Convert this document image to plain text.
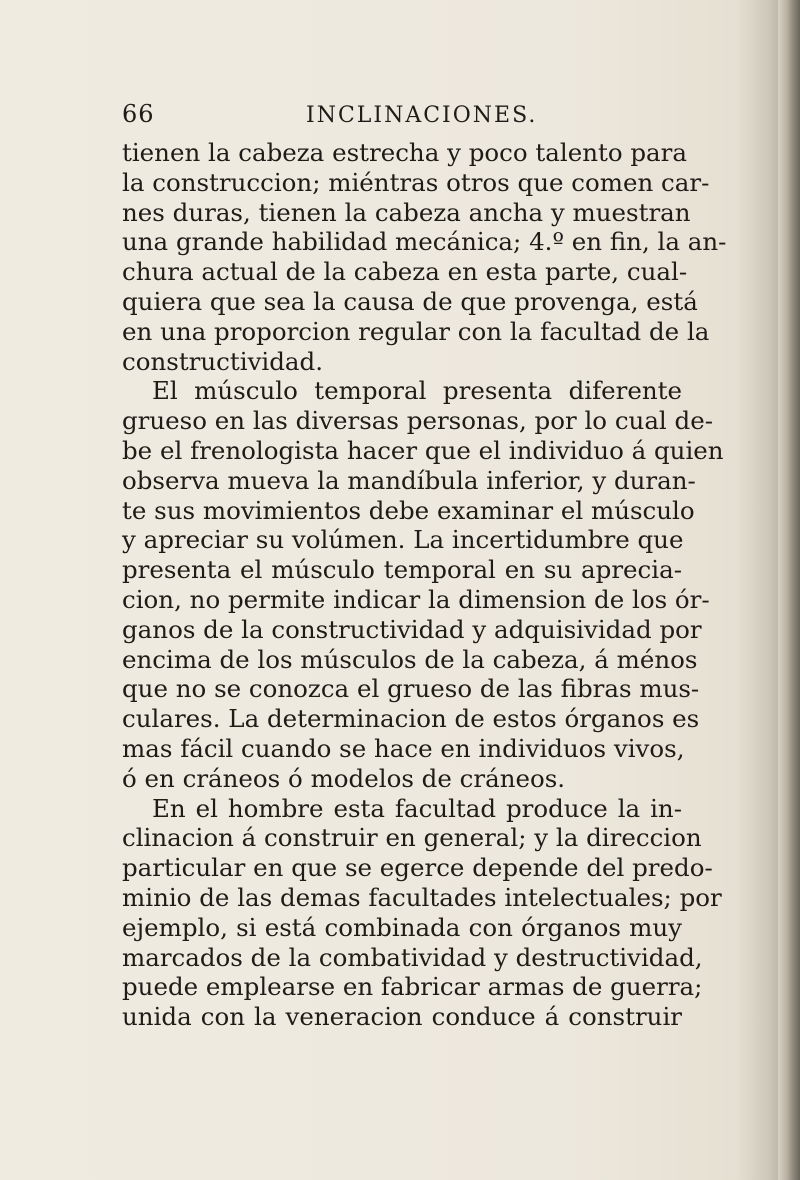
66	INCLINACIONES.
tienen la cabeza estrecha y poco talento para
la construccion; miéntras otros que comen car-
nes duras, tienen la cabeza ancha y muestran
una grande habilidad mecánica; 4.º en fin, la an-
chura actual de la cabeza en esta parte, cual-
quiera que sea la causa de que provenga, está
en una proporcion regular con la facultad de la
constructividad.
El músculo temporal presenta diferente
grueso en las diversas personas, por lo cual de-
be el frenologista hacer que el individuo á quien
observa mueva la mandíbula inferior, y duran-
te sus movimientos debe examinar el músculo
y apreciar su volúmen. La incertidumbre que
presenta el músculo temporal en su aprecia-
cion, no permite indicar la dimension de los ór-
ganos de la constructividad y adquisividad por
encima de los músculos de la cabeza, á ménos
que no se conozca el grueso de las fibras mus-
culares. La determinacion de estos órganos es
mas fácil cuando se hace en individuos vivos,
ó en cráneos ó modelos de cráneos.
En el hombre esta facultad produce la in-
clinacion á construir en general; y la direccion
particular en que se egerce depende del predo-
minio de las demas facultades intelectuales; por
ejemplo, si está combinada con órganos muy
marcados de la combatividad y destructividad,
puede emplearse en fabricar armas de guerra;
unida con la veneracion conduce á construir
